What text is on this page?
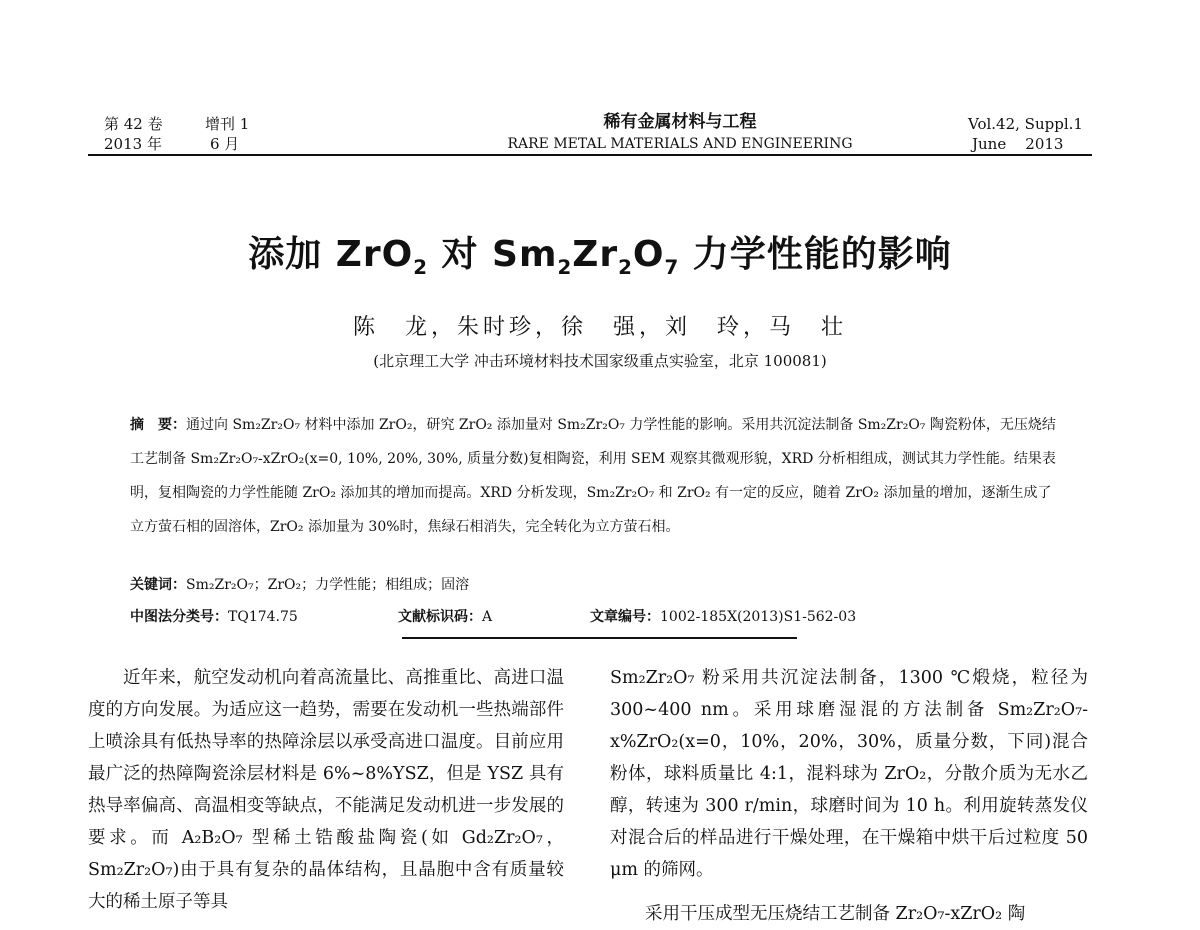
第 42 卷	增刊 1
2013 年	6 月
稀有金属材料与工程
RARE METAL MATERIALS AND ENGINEERING
Vol.42, Suppl.1
June    2013
添加 ZrO$_2$ 对 $Sm_2Zr_2O_7$ 力学性能的影响
陈　龙，朱时珍，徐　强，刘　玲，马　壮
(北京理工大学 冲击环境材料技术国家级重点实验室，北京 100081)
摘　要：通过向 Sm₂Zr₂O₇ 材料中添加 ZrO₂，研究 ZrO₂ 添加量对 Sm₂Zr₂O₇ 力学性能的影响。采用共沉淀法制备 Sm₂Zr₂O₇ 陶瓷粉体，无压烧结工艺制备 Sm₂Zr₂O₇-xZrO₂(x=0, 10%, 20%, 30%, 质量分数)复相陶瓷，利用 SEM 观察其微观形貌，XRD 分析相组成，测试其力学性能。结果表明，复相陶瓷的力学性能随 ZrO₂ 添加其的增加而提高。XRD 分析发现，Sm₂Zr₂O₇ 和 ZrO₂ 有一定的反应，随着 ZrO₂ 添加量的增加，逐渐生成了立方萤石相的固溶体，ZrO₂ 添加量为 30%时，焦绿石相消失，完全转化为立方萤石相。
关键词：Sm₂Zr₂O₇；ZrO₂；力学性能；相组成；固溶
中图法分类号：TQ174.75	文献标识码：A	文章编号：1002-185X(2013)S1-562-03

近年来，航空发动机向着高流量比、高推重比、高进口温度的方向发展。为适应这一趋势，需要在发动机一些热端部件上喷涂具有低热导率的热障涂层以承受高进口温度。目前应用最广泛的热障陶瓷涂层材料是 6%~8%YSZ，但是 YSZ 具有热导率偏高、高温相变等缺点，不能满足发动机进一步发展的要求。而 A₂B₂O₇ 型稀土锆酸盐陶瓷(如 Gd₂Zr₂O₇，Sm₂Zr₂O₇)由于具有复杂的晶体结构，且晶胞中含有质量较大的稀土原子等具

Sm₂Zr₂O₇ 粉采用共沉淀法制备，1300 ℃煅烧，粒径为 300~400 nm。采用球磨湿混的方法制备 Sm₂Zr₂O₇-x%ZrO₂(x=0，10%，20%，30%，质量分数，下同)混合粉体，球料质量比 4:1，混料球为 ZrO₂，分散介质为无水乙醇，转速为 300 r/min，球磨时间为 10 h。利用旋转蒸发仪对混合后的样品进行干燥处理，在干燥箱中烘干后过粒度 50 μm 的筛网。

采用干压成型无压烧结工艺制备 Zr₂O₇-xZrO₂ 陶
